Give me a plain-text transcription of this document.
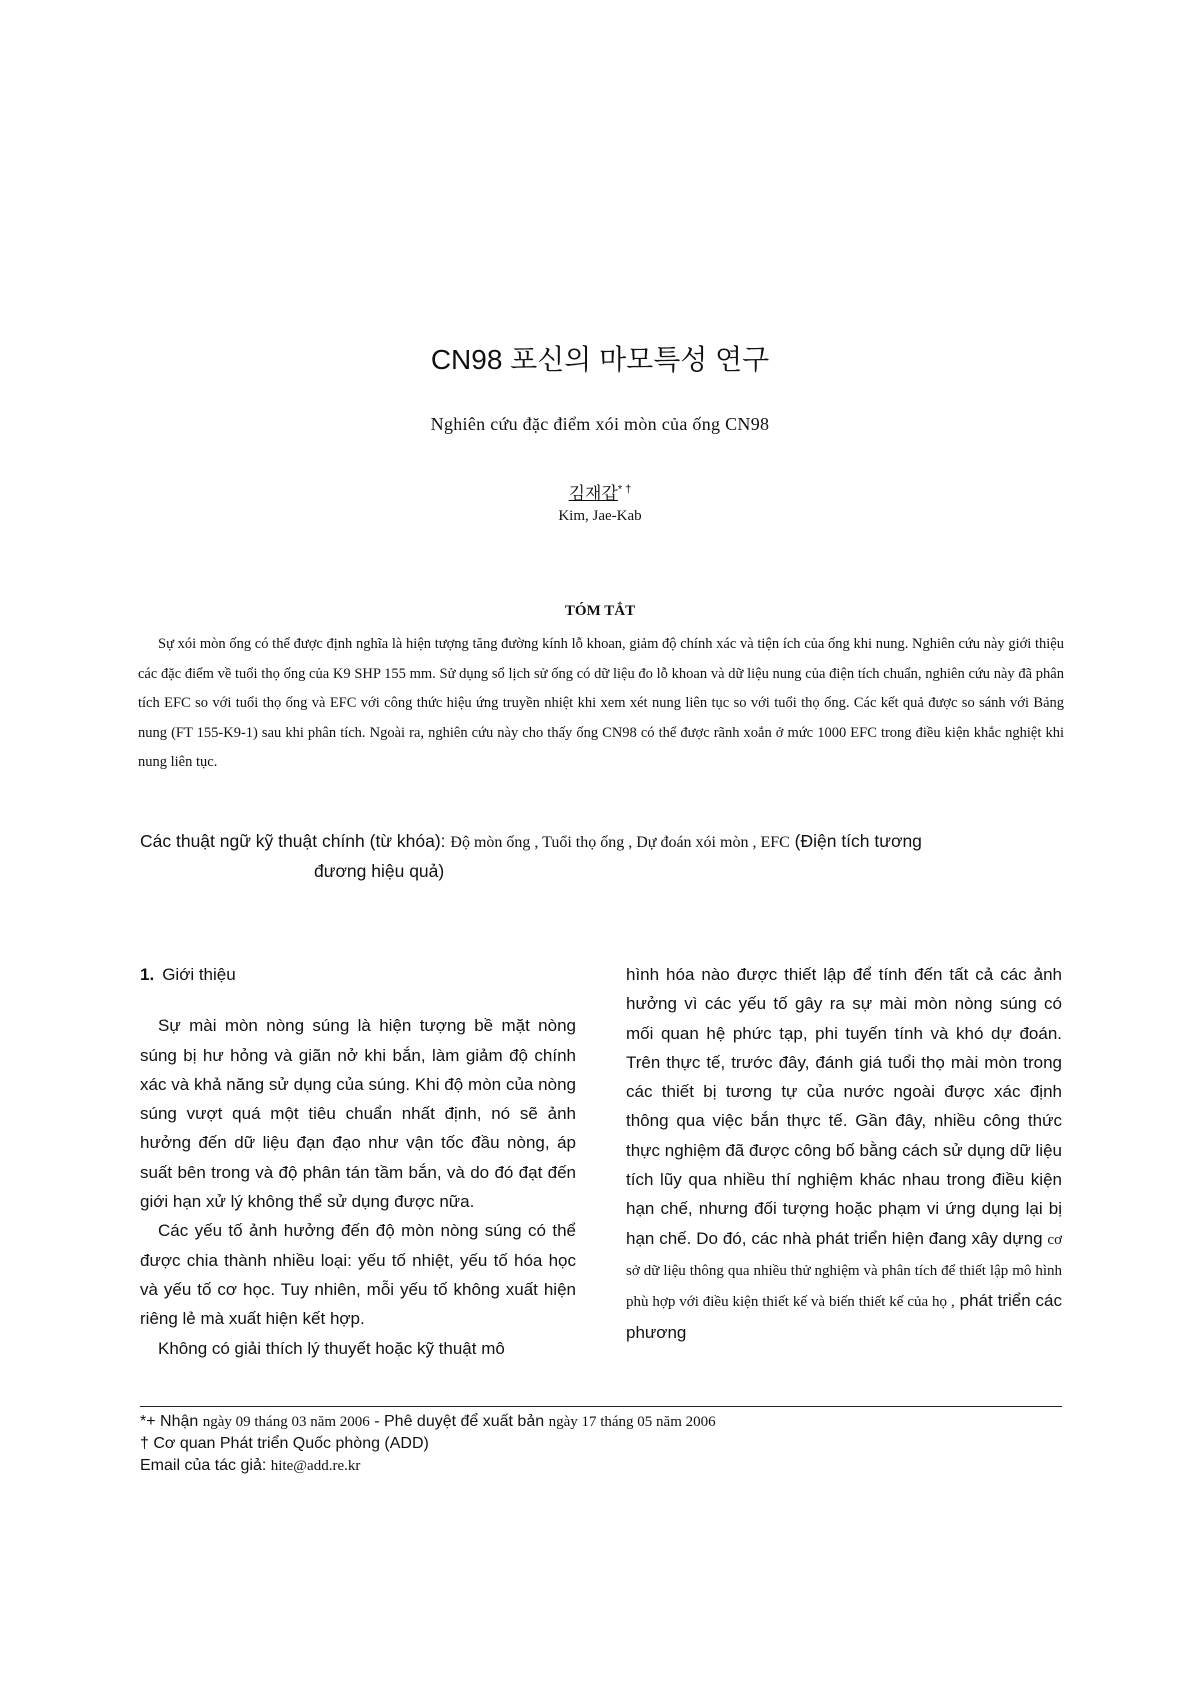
CN98 포신의 마모특성 연구
Nghiên cứu đặc điểm xói mòn của ống CN98
김재갑* †
Kim, Jae-Kab
TÓM TẮT
Sự xói mòn ống có thể được định nghĩa là hiện tượng tăng đường kính lỗ khoan, giảm độ chính xác và tiện ích của ống khi nung. Nghiên cứu này giới thiệu các đặc điểm về tuổi thọ ống của K9 SHP 155 mm. Sử dụng sổ lịch sử ống có dữ liệu đo lỗ khoan và dữ liệu nung của điện tích chuẩn, nghiên cứu này đã phân tích EFC so với tuổi thọ ống và EFC với công thức hiệu ứng truyền nhiệt khi xem xét nung liên tục so với tuổi thọ ống. Các kết quả được so sánh với Bảng nung (FT 155-K9-1) sau khi phân tích. Ngoài ra, nghiên cứu này cho thấy ống CN98 có thể được rãnh xoắn ở mức 1000 EFC trong điều kiện khắc nghiệt khi nung liên tục.
Các thuật ngữ kỹ thuật chính (từ khóa): Độ mòn ống , Tuổi thọ ống , Dự đoán xói mòn , EFC (Điện tích tương
đương hiệu quả)
1. Giới thiệu

Sự mài mòn nòng súng là hiện tượng bề mặt nòng súng bị hư hỏng và giãn nở khi bắn, làm giảm độ chính xác và khả năng sử dụng của súng. Khi độ mòn của nòng súng vượt quá một tiêu chuẩn nhất định, nó sẽ ảnh hưởng đến dữ liệu đạn đạo như vận tốc đầu nòng, áp suất bên trong và độ phân tán tầm bắn, và do đó đạt đến giới hạn xử lý không thể sử dụng được nữa.

Các yếu tố ảnh hưởng đến độ mòn nòng súng có thể được chia thành nhiều loại: yếu tố nhiệt, yếu tố hóa học và yếu tố cơ học. Tuy nhiên, mỗi yếu tố không xuất hiện riêng lẻ mà xuất hiện kết hợp.

Không có giải thích lý thuyết hoặc kỹ thuật mô

hình hóa nào được thiết lập để tính đến tất cả các ảnh hưởng vì các yếu tố gây ra sự mài mòn nòng súng có mối quan hệ phức tạp, phi tuyến tính và khó dự đoán. Trên thực tế, trước đây, đánh giá tuổi thọ mài mòn trong các thiết bị tương tự của nước ngoài được xác định thông qua việc bắn thực tế. Gần đây, nhiều công thức thực nghiệm đã được công bố bằng cách sử dụng dữ liệu tích lũy qua nhiều thí nghiệm khác nhau trong điều kiện hạn chế, nhưng đối tượng hoặc phạm vi ứng dụng lại bị hạn chế. Do đó, các nhà phát triển hiện đang xây dựng cơ sở dữ liệu thông qua nhiều thử nghiệm và phân tích để thiết lập mô hình phù hợp với điều kiện thiết kế và biến thiết kế của họ , phát triển các phương

*+ Nhận ngày 09 tháng 03 năm 2006 - Phê duyệt để xuất bản ngày 17 tháng 05 năm 2006
† Cơ quan Phát triển Quốc phòng (ADD)
Email của tác giả: hite@add.re.kr
